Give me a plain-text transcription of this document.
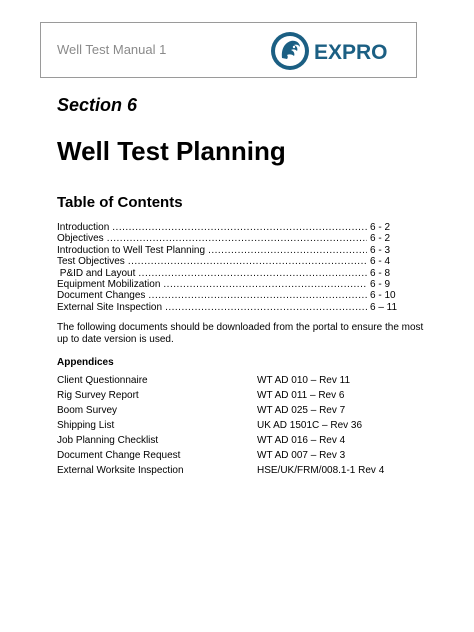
Well Test Manual 1	EXPRO
Section 6
Well Test Planning
Table of Contents
Introduction .....	6 - 2
Objectives .....	6 - 2
Introduction to Well Test Planning .....	6 - 3
Test Objectives .....	6 - 4
P&ID and Layout .....	6 - 8
Equipment Mobilization .....	6 - 9
Document Changes .....	6 - 10
External Site Inspection .....	6 – 11
The following documents should be downloaded from the portal to ensure the most up to date version is used.
Appendices
Client Questionnaire	WT AD 010 – Rev 11
Rig Survey Report	WT AD 011 – Rev 6
Boom Survey	WT AD 025 – Rev 7
Shipping List	UK AD 1501C – Rev 36
Job Planning Checklist	WT AD 016 – Rev 4
Document Change Request	WT AD 007 – Rev 3
External Worksite Inspection	HSE/UK/FRM/008.1-1 Rev 4
